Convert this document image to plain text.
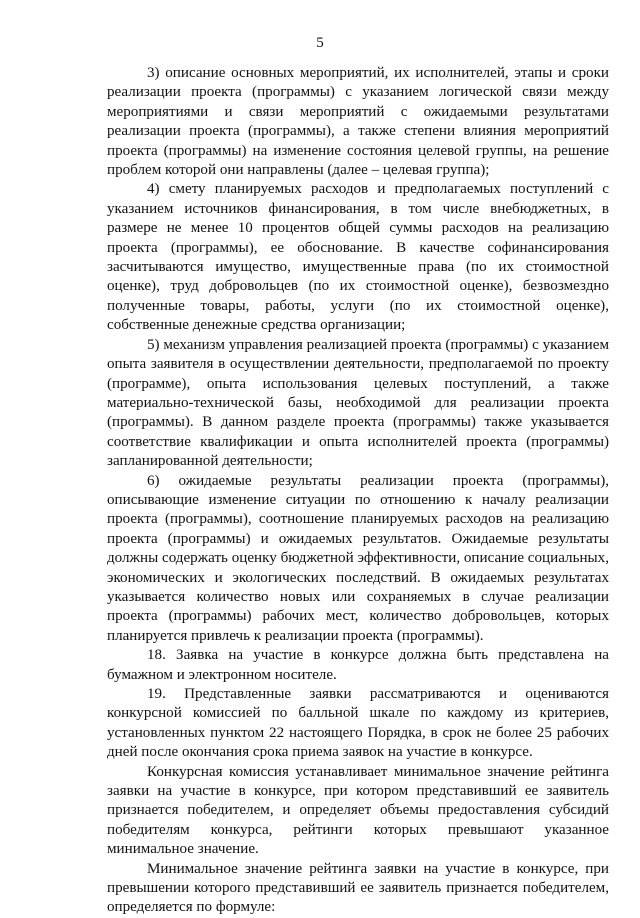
5

3) описание основных мероприятий, их исполнителей, этапы и сроки реализации проекта (программы) с указанием логической связи между мероприятиями и связи мероприятий с ожидаемыми результатами реализации проекта (программы), а также степени влияния мероприятий проекта (программы) на изменение состояния целевой группы, на решение проблем которой они направлены (далее – целевая группа);

4) смету планируемых расходов и предполагаемых поступлений с указанием источников финансирования, в том числе внебюджетных, в размере не менее 10 процентов общей суммы расходов на реализацию проекта (программы), ее обоснование. В качестве софинансирования засчитываются имущество, имущественные права (по их стоимостной оценке), труд добровольцев (по их стоимостной оценке), безвозмездно полученные товары, работы, услуги (по их стоимостной оценке), собственные денежные средства организации;

5) механизм управления реализацией проекта (программы) с указанием опыта заявителя в осуществлении деятельности, предполагаемой по проекту (программе), опыта использования целевых поступлений, а также материально-технической базы, необходимой для реализации проекта (программы). В данном разделе проекта (программы) также указывается соответствие квалификации и опыта исполнителей проекта (программы) запланированной деятельности;

6) ожидаемые результаты реализации проекта (программы), описывающие изменение ситуации по отношению к началу реализации проекта (программы), соотношение планируемых расходов на реализацию проекта (программы) и ожидаемых результатов. Ожидаемые результаты должны содержать оценку бюджетной эффективности, описание социальных, экономических и экологических последствий. В ожидаемых результатах указывается количество новых или сохраняемых в случае реализации проекта (программы) рабочих мест, количество добровольцев, которых планируется привлечь к реализации проекта (программы).

18. Заявка на участие в конкурсе должна быть представлена на бумажном и электронном носителе.

19. Представленные заявки рассматриваются и оцениваются конкурсной комиссией по балльной шкале по каждому из критериев, установленных пунктом 22 настоящего Порядка, в срок не более 25 рабочих дней после окончания срока приема заявок на участие в конкурсе.

Конкурсная комиссия устанавливает минимальное значение рейтинга заявки на участие в конкурсе, при котором представивший ее заявитель признается победителем, и определяет объемы предоставления субсидий победителям конкурса, рейтинги которых превышают указанное минимальное значение.

Минимальное значение рейтинга заявки на участие в конкурсе, при превышении которого представивший ее заявитель признается победителем, определяется по формуле:
